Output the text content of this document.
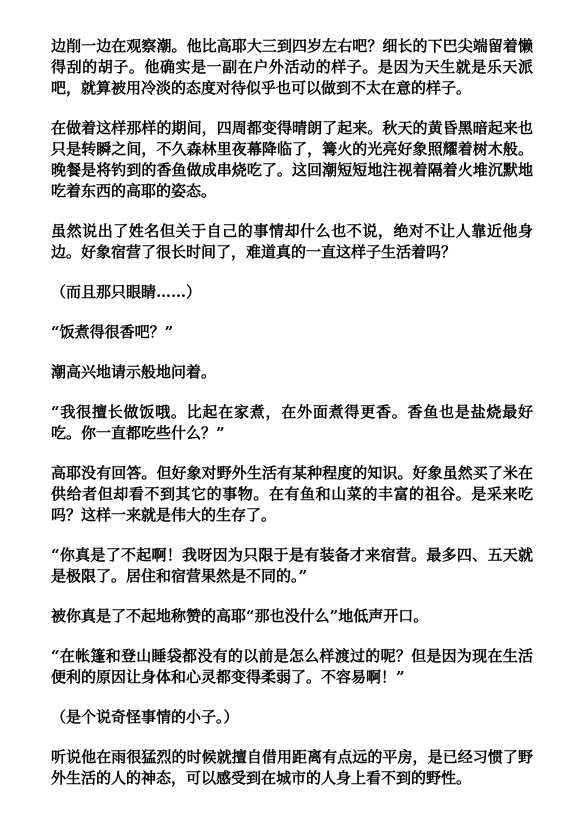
边削一边在观察潮。他比高耶大三到四岁左右吧？细长的下巴尖端留着懒得刮的胡子。他确实是一副在户外活动的样子。是因为天生就是乐天派吧，就算被用冷淡的态度对待似乎也可以做到不太在意的样子。

在做着这样那样的期间，四周都变得晴朗了起来。秋天的黄昏黑暗起来也只是转瞬之间，不久森林里夜幕降临了，篝火的光亮好象照耀着树木般。晚餐是将钓到的香鱼做成串烧吃了。这回潮短短地注视着隔着火堆沉默地吃着东西的高耶的姿态。

虽然说出了姓名但关于自己的事情却什么也不说，绝对不让人靠近他身边。好象宿营了很长时间了，难道真的一直这样子生活着吗？

（而且那只眼睛……）

“饭煮得很香吧？”

潮高兴地请示般地问着。

“我很擅长做饭哦。比起在家煮，在外面煮得更香。香鱼也是盐烧最好吃。你一直都吃些什么？”

高耶没有回答。但好象对野外生活有某种程度的知识。好象虽然买了米在供给者但却看不到其它的事物。在有鱼和山菜的丰富的祖谷。是采来吃吗？这样一来就是伟大的生存了。

“你真是了不起啊！我呀因为只限于是有装备才来宿营。最多四、五天就是极限了。居住和宿营果然是不同的。”

被你真是了不起地称赞的高耶“那也没什么”地低声开口。

“在帐篷和登山睡袋都没有的以前是怎么样渡过的呢？但是因为现在生活便利的原因让身体和心灵都变得柔弱了。不容易啊！”

（是个说奇怪事情的小子。）

听说他在雨很猛烈的时候就擅自借用距离有点远的平房，是已经习惯了野外生活的人的神态，可以感受到在城市的人身上看不到的野性。
